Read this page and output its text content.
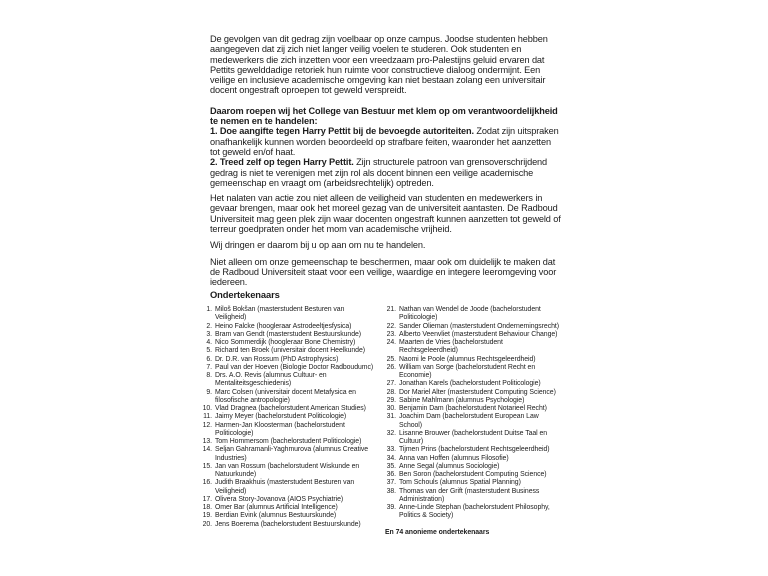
De gevolgen van dit gedrag zijn voelbaar op onze campus. Joodse studenten hebben aangegeven dat zij zich niet langer veilig voelen te studeren. Ook studenten en medewerkers die zich inzetten voor een vreedzaam pro-Palestijns geluid ervaren dat Pettits gewelddadige retoriek hun ruimte voor constructieve dialoog ondermijnt. Een veilige en inclusieve academische omgeving kan niet bestaan zolang een universitair docent ongestraft oproepen tot geweld verspreidt.

Daarom roepen wij het College van Bestuur met klem op om verantwoordelijkheid te nemen en te handelen:
1. Doe aangifte tegen Harry Pettit bij de bevoegde autoriteiten. Zodat zijn uitspraken onafhankelijk kunnen worden beoordeeld op strafbare feiten, waaronder het aanzetten tot geweld en/of haat.
2. Treed zelf op tegen Harry Pettit. Zijn structurele patroon van grensoverschrijdend gedrag is niet te verenigen met zijn rol als docent binnen een veilige academische gemeenschap en vraagt om (arbeidsrechtelijk) optreden.

Het nalaten van actie zou niet alleen de veiligheid van studenten en medewerkers in gevaar brengen, maar ook het moreel gezag van de universiteit aantasten. De Radboud Universiteit mag geen plek zijn waar docenten ongestraft kunnen aanzetten tot geweld of terreur goedpraten onder het mom van academische vrijheid.

Wij dringen er daarom bij u op aan om nu te handelen.

Niet alleen om onze gemeenschap te beschermen, maar ook om duidelijk te maken dat de Radboud Universiteit staat voor een veilige, waardige en integere leeromgeving voor iedereen.

Ondertekenaars

1. Miloš Bokšan (masterstudent Besturen van Veiligheid)
2. Heino Falcke (hoogleraar Astrodeeltjesfysica)
3. Bram van Gendt (masterstudent Bestuurskunde)
4. Nico Sommerdijk (hoogleraar Bone Chemistry)
5. Richard ten Broek (universitair docent Heelkunde)
6. Dr. D.R. van Rossum (PhD Astrophysics)
7. Paul van der Hoeven (Biologie Doctor Radboudumc)
8. Drs. A.O. Revis (alumnus Cultuur- en Mentaliteitsgeschiedenis)
9. Marc Colsen (universitair docent Metafysica en filosofische antropologie)
10. Vlad Dragnea (bachelorstudent American Studies)
11. Jaimy Meyer (bachelorstudent Politicologie)
12. Harmen-Jan Kloosterman (bachelorstudent Politicologie)
13. Tom Hommersom (bachelorstudent Politicologie)
14. Seljan Gahramanli-Yaghmurova (alumnus Creative Industries)
15. Jan van Rossum (bachelorstudent Wiskunde en Natuurkunde)
16. Judith Braakhuis (masterstudent Besturen van Veiligheid)
17. Olivera Story-Jovanova (AIOS Psychiatrie)
18. Omer Bar (alumnus Artificial Intelligence)
19. Berdian Evink (alumnus Bestuurskunde)
20. Jens Boerema (bachelorstudent Bestuurskunde)
21. Nathan van Wendel de Joode (bachelorstudent Politicologie)
22. Sander Olieman (masterstudent Ondernemingsrecht)
23. Alberto Veenvliet (masterstudent Behaviour Change)
24. Maarten de Vries (bachelorstudent Rechtsgeleerdheid)
25. Naomi le Poole (alumnus Rechtsgeleerdheid)
26. William van Sorge (bachelorstudent Recht en Economie)
27. Jonathan Karels (bachelorstudent Politicologie)
28. Dor Mariel Alter (masterstudent Computing Science)
29. Sabine Mahlmann (alumnus Psychologie)
30. Benjamin Dam (bachelorstudent Notarieel Recht)
31. Joachim Dam (bachelorstudent European Law School)
32. Lisanne Brouwer (bachelorstudent Duitse Taal en Cultuur)
33. Tijmen Prins (bachelorstudent Rechtsgeleerdheid)
34. Anna van Hoffen (alumnus Filosofie)
35. Anne Segal (alumnus Sociologie)
36. Ben Soron (bachelorstudent Computing Science)
37. Tom Schouls (alumnus Spatial Planning)
38. Thomas van der Grift (masterstudent Business Administration)
39. Anne-Linde Stephan (bachelorstudent Philosophy, Politics & Society)
En 74 anonieme ondertekenaars
